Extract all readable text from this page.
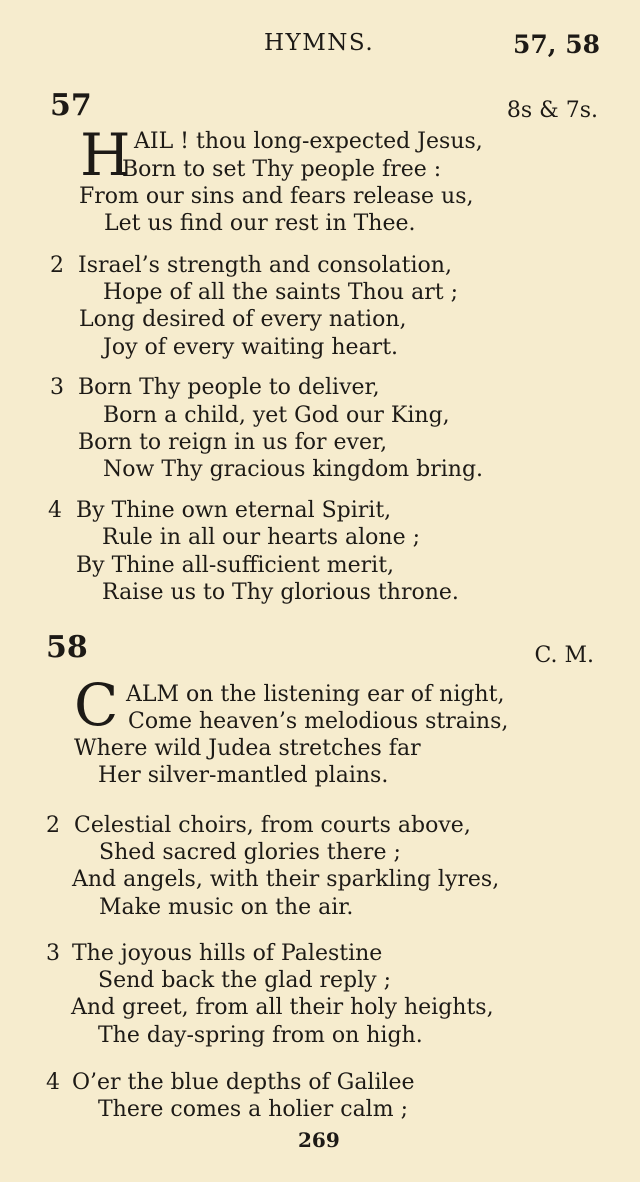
HYMNS.	57, 58
57	8s & 7s.
H AIL ! thou long-expected Jesus,
Born to set Thy people free :
From our sins and fears release us,
Let us find our rest in Thee.
2 Israel’s strength and consolation,
Hope of all the saints Thou art ;
Long desired of every nation,
Joy of every waiting heart.
3 Born Thy people to deliver,
Born a child, yet God our King,
Born to reign in us for ever,
Now Thy gracious kingdom bring.
4 By Thine own eternal Spirit,
Rule in all our hearts alone ;
By Thine all-sufficient merit,
Raise us to Thy glorious throne.
58	C. M.
C ALM on the listening ear of night,
Come heaven’s melodious strains,
Where wild Judea stretches far
Her silver-mantled plains.
2 Celestial choirs, from courts above,
Shed sacred glories there ;
And angels, with their sparkling lyres,
Make music on the air.
3 The joyous hills of Palestine
Send back the glad reply ;
And greet, from all their holy heights,
The day-spring from on high.
4 O’er the blue depths of Galilee
There comes a holier calm ;
269
